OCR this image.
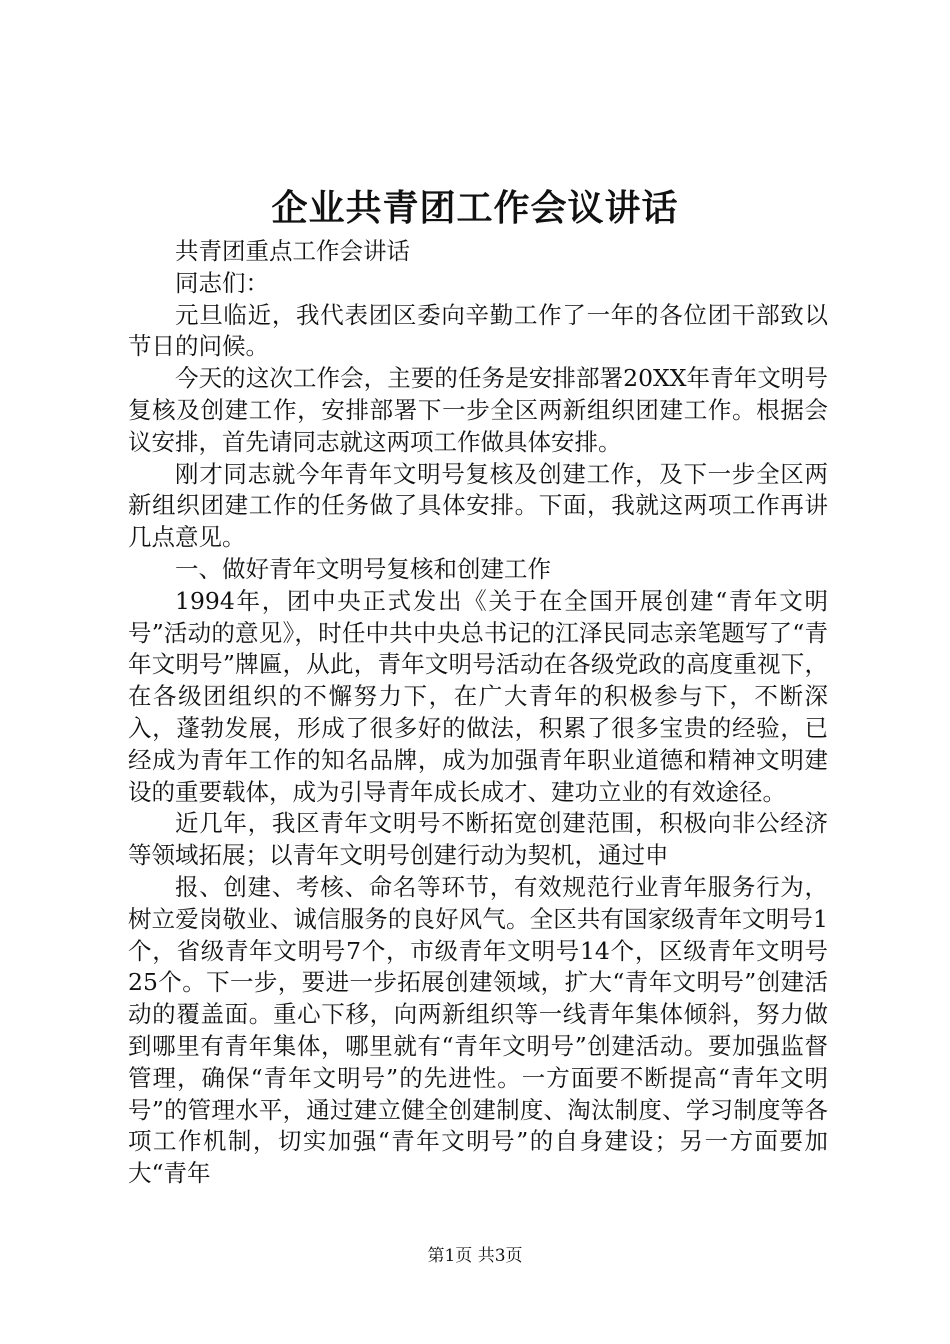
企业共青团工作会议讲话

共青团重点工作会讲话

同志们：

元旦临近，我代表团区委向辛勤工作了一年的各位团干部致以节日的问候。

今天的这次工作会，主要的任务是安排部署20XX年青年文明号复核及创建工作，安排部署下一步全区两新组织团建工作。根据会议安排，首先请同志就这两项工作做具体安排。

刚才同志就今年青年文明号复核及创建工作，及下一步全区两新组织团建工作的任务做了具体安排。下面，我就这两项工作再讲几点意见。

一、做好青年文明号复核和创建工作

1994年，团中央正式发出《关于在全国开展创建“青年文明号”活动的意见》，时任中共中央总书记的江泽民同志亲笔题写了“青年文明号”牌匾，从此，青年文明号活动在各级党政的高度重视下，在各级团组织的不懈努力下，在广大青年的积极参与下，不断深入，蓬勃发展，形成了很多好的做法，积累了很多宝贵的经验，已经成为青年工作的知名品牌，成为加强青年职业道德和精神文明建设的重要载体，成为引导青年成长成才、建功立业的有效途径。

近几年，我区青年文明号不断拓宽创建范围，积极向非公经济等领域拓展；以青年文明号创建行动为契机，通过申

报、创建、考核、命名等环节，有效规范行业青年服务行为，树立爱岗敬业、诚信服务的良好风气。全区共有国家级青年文明号1个，省级青年文明号7个，市级青年文明号14个，区级青年文明号25个。下一步，要进一步拓展创建领域，扩大“青年文明号”创建活动的覆盖面。重心下移，向两新组织等一线青年集体倾斜，努力做到哪里有青年集体，哪里就有“青年文明号”创建活动。要加强监督管理，确保“青年文明号”的先进性。一方面要不断提高“青年文明号”的管理水平，通过建立健全创建制度、淘汰制度、学习制度等各项工作机制，切实加强“青年文明号”的自身建设；另一方面要加大“青年

第1页 共3页
